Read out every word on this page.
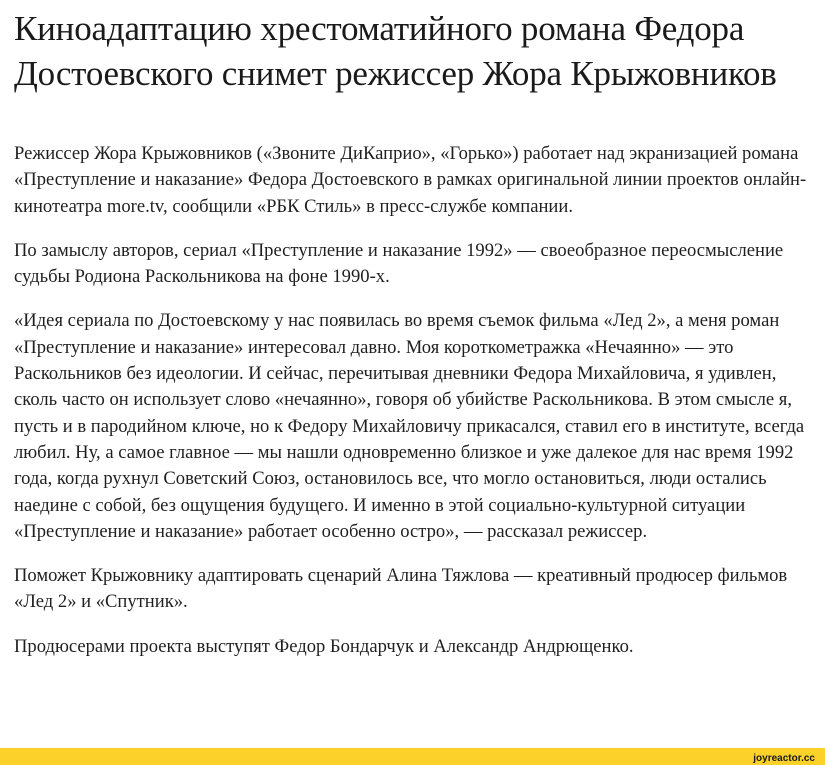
Киноадаптацию хрестоматийного романа Федора Достоевского снимет режиссер Жора Крыжовников

Режиссер Жора Крыжовников («Звоните ДиКаприо», «Горько») работает над экранизацией романа «Преступление и наказание» Федора Достоевского в рамках оригинальной линии проектов онлайн-кинотеатра more.tv, сообщили «РБК Стиль» в пресс-службе компании.

По замыслу авторов, сериал «Преступление и наказание 1992» — своеобразное переосмысление судьбы Родиона Раскольникова на фоне 1990-х.

«Идея сериала по Достоевскому у нас появилась во время съемок фильма «Лед 2», а меня роман «Преступление и наказание» интересовал давно. Моя короткометражка «Нечаянно» — это Раскольников без идеологии. И сейчас, перечитывая дневники Федора Михайловича, я удивлен, сколь часто он использует слово «нечаянно», говоря об убийстве Раскольникова. В этом смысле я, пусть и в пародийном ключе, но к Федору Михайловичу прикасался, ставил его в институте, всегда любил. Ну, а самое главное — мы нашли одновременно близкое и уже далекое для нас время 1992 года, когда рухнул Советский Союз, остановилось все, что могло остановиться, люди остались наедине с собой, без ощущения будущего. И именно в этой социально-культурной ситуации «Преступление и наказание» работает особенно остро», — рассказал режиссер.

Поможет Крыжовнику адаптировать сценарий Алина Тяжлова — креативный продюсер фильмов «Лед 2» и «Спутник».

Продюсерами проекта выступят Федор Бондарчук и Александр Андрющенко.

joyreactor.cc
